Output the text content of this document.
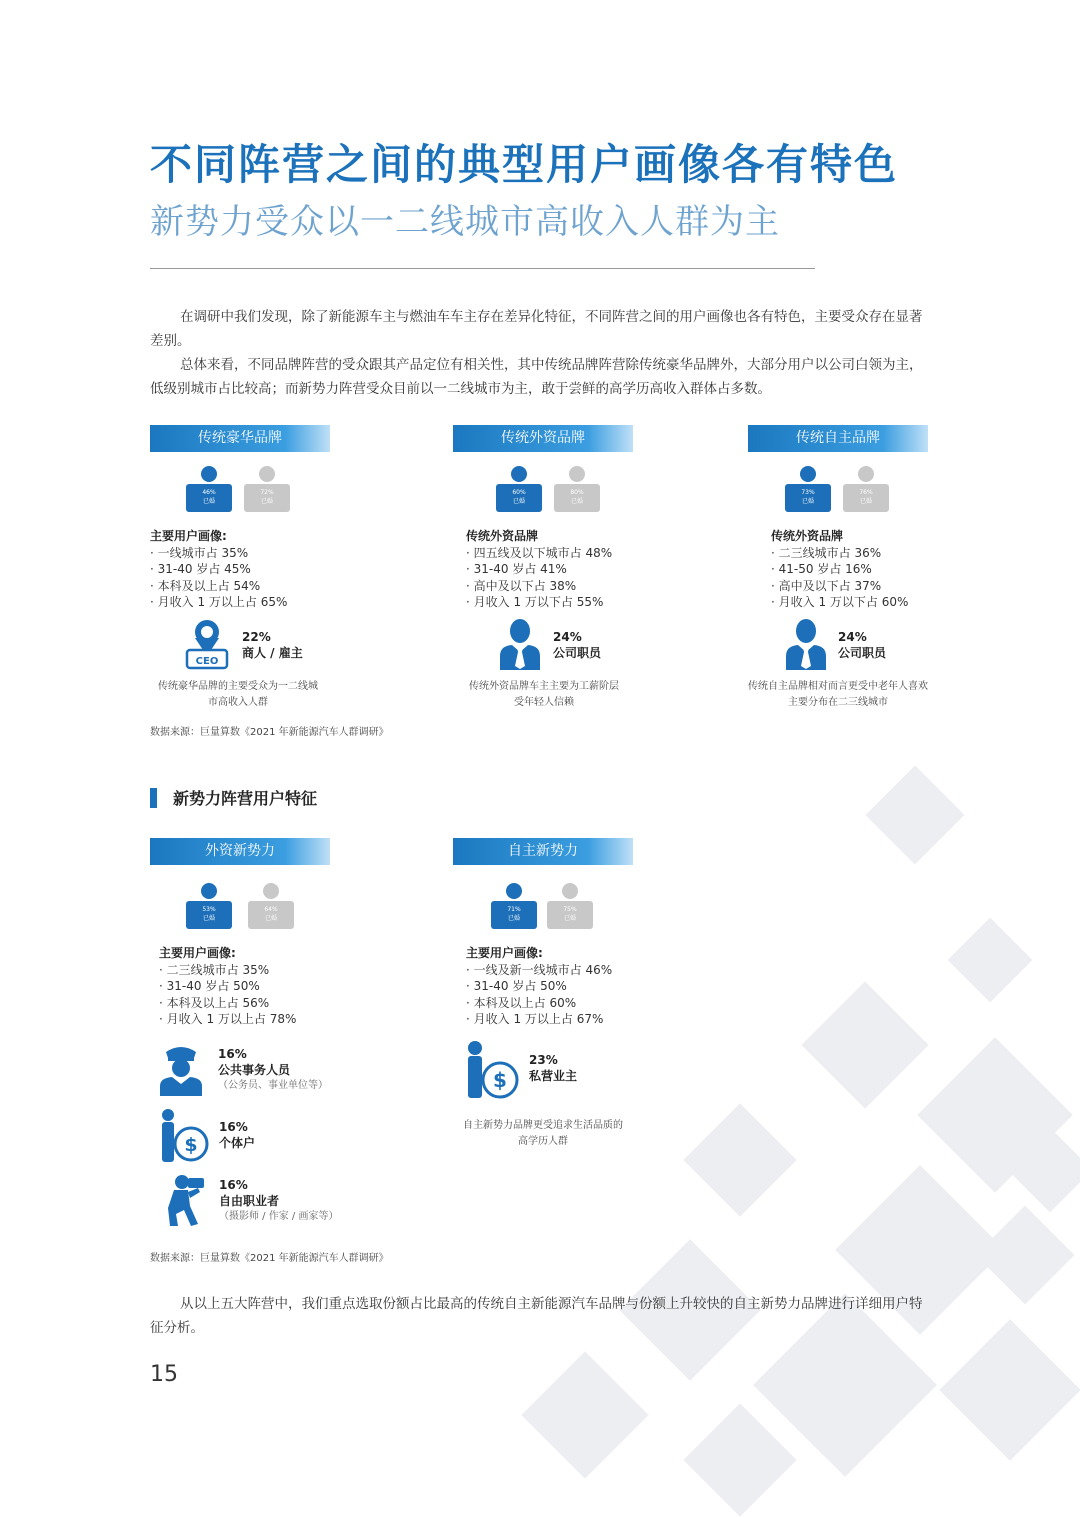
不同阵营之间的典型用户画像各有特色
新势力受众以一二线城市高收入人群为主

在调研中我们发现，除了新能源车主与燃油车车主存在差异化特征，不同阵营之间的用户画像也各有特色，主要受众存在显著差别。

总体来看，不同品牌阵营的受众跟其产品定位有相关性，其中传统品牌阵营除传统豪华品牌外，大部分用户以公司白领为主，低级别城市占比较高；而新势力阵营受众目前以一二线城市为主，敢于尝鲜的高学历高收入群体占多数。

传统豪华品牌
46%
已婚
72%
已婚
主要用户画像:
· 一线城市占 35%
· 31-40 岁占 45%
· 本科及以上占 54%
· 月收入 1 万以上占 65%
CEO
22%
商人 / 雇主
传统豪华品牌的主要受众为一二线城
市高收入人群
传统外资品牌
60%
已婚
80%
已婚
传统外资品牌
· 四五线及以下城市占 48%
· 31-40 岁占 41%
· 高中及以下占 38%
· 月收入 1 万以下占 55%
24%
公司职员
传统外资品牌车主主要为工薪阶层
受年轻人信赖
传统自主品牌
73%
已婚
76%
已婚
传统外资品牌
· 二三线城市占 36%
· 41-50 岁占 16%
· 高中及以下占 37%
· 月收入 1 万以下占 60%
24%
公司职员
传统自主品牌相对而言更受中老年人喜欢
主要分布在二三线城市
数据来源：巨量算数《2021 年新能源汽车人群调研》
新势力阵营用户特征
外资新势力
53%
已婚
64%
已婚
主要用户画像:
· 二三线城市占 35%
· 31-40 岁占 50%
· 本科及以上占 56%
· 月收入 1 万以上占 78%
16%
公共事务人员
（公务员、事业单位等）
$
16%
个体户
16%
自由职业者
（摄影师 / 作家 / 画家等）
自主新势力
71%
已婚
75%
已婚
主要用户画像:
· 一线及新一线城市占 46%
· 31-40 岁占 50%
· 本科及以上占 60%
· 月收入 1 万以上占 67%
$
23%
私营业主
自主新势力品牌更受追求生活品质的
高学历人群
数据来源：巨量算数《2021 年新能源汽车人群调研》

从以上五大阵营中，我们重点选取份额占比最高的传统自主新能源汽车品牌与份额上升较快的自主新势力品牌进行详细用户特征分析。

15
